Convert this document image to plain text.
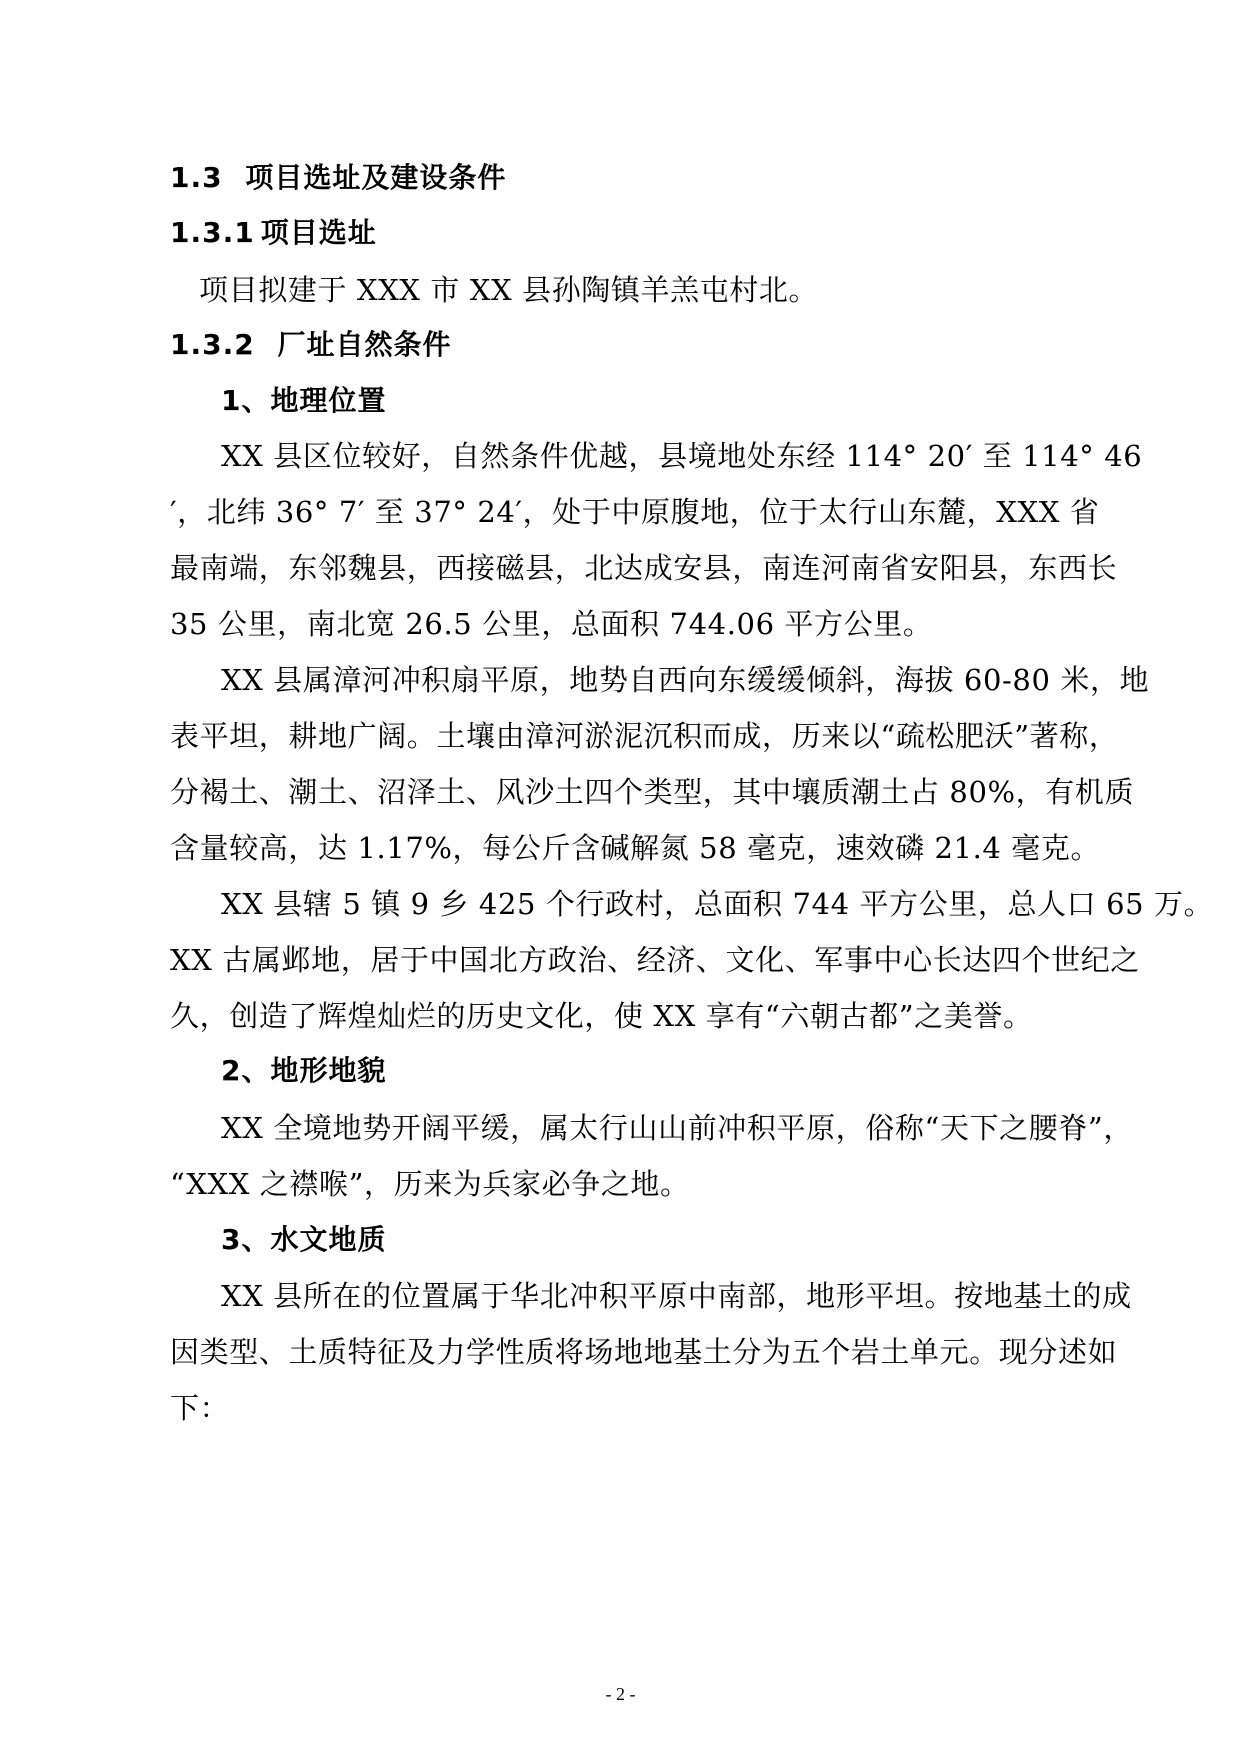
1.3 项目选址及建设条件
1.3.1 项目选址
项目拟建于 XXX 市 XX 县孙陶镇羊羔屯村北。
1.3.2 厂址自然条件
1、地理位置
XX 县区位较好，自然条件优越，县境地处东经 114° 20′ 至 114° 46
′，北纬 36° 7′ 至 37° 24′，处于中原腹地，位于太行山东麓，XXX 省
最南端，东邻魏县，西接磁县，北达成安县，南连河南省安阳县，东西长
35 公里，南北宽 26.5 公里，总面积 744.06 平方公里。
XX 县属漳河冲积扇平原，地势自西向东缓缓倾斜，海拔 60-80 米，地
表平坦，耕地广阔。土壤由漳河淤泥沉积而成，历来以“疏松肥沃”著称，
分褐土、潮土、沼泽土、风沙土四个类型，其中壤质潮土占 80%，有机质
含量较高，达 1.17%，每公斤含碱解氮 58 毫克，速效磷 21.4 毫克。
XX 县辖 5 镇 9 乡 425 个行政村，总面积 744 平方公里，总人口 65 万。
XX 古属邺地，居于中国北方政治、经济、文化、军事中心长达四个世纪之
久，创造了辉煌灿烂的历史文化，使 XX 享有“六朝古都”之美誉。
2、地形地貌
XX 全境地势开阔平缓，属太行山山前冲积平原，俗称“天下之腰脊”，
“XXX 之襟喉”，历来为兵家必争之地。
3、水文地质
XX 县所在的位置属于华北冲积平原中南部，地形平坦。按地基土的成
因类型、土质特征及力学性质将场地地基土分为五个岩土单元。现分述如
下：
- 2 -
